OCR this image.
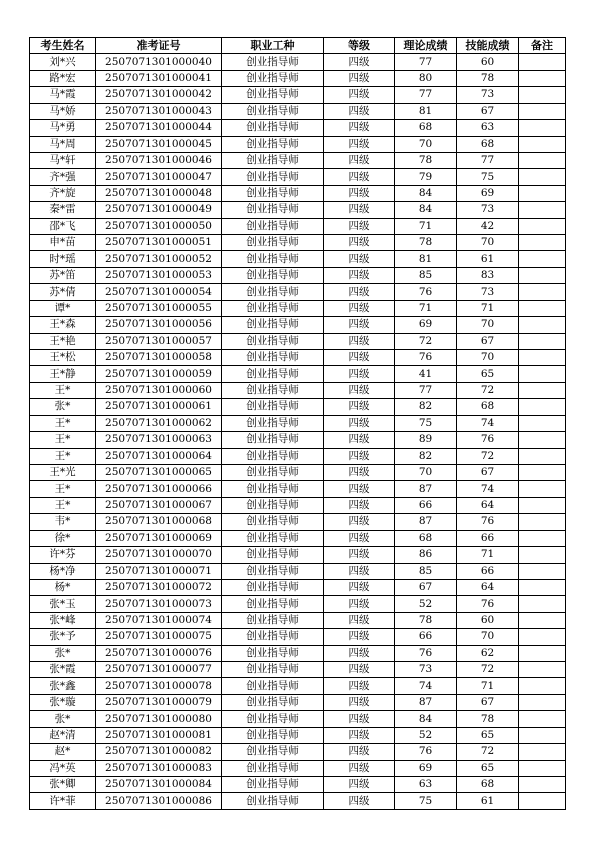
考生姓名	准考证号	职业工种	等级	理论成绩	技能成绩	备注
刘*兴	2507071301000040	创业指导师	四级	77	60	
路*宏	2507071301000041	创业指导师	四级	80	78	
马*霞	2507071301000042	创业指导师	四级	77	73	
马*娇	2507071301000043	创业指导师	四级	81	67	
马*勇	2507071301000044	创业指导师	四级	68	63	
马*周	2507071301000045	创业指导师	四级	70	68	
马*轩	2507071301000046	创业指导师	四级	78	77	
齐*强	2507071301000047	创业指导师	四级	79	75	
齐*旋	2507071301000048	创业指导师	四级	84	69	
秦*雷	2507071301000049	创业指导师	四级	84	73	
邵*飞	2507071301000050	创业指导师	四级	71	42	
申*苗	2507071301000051	创业指导师	四级	78	70	
时*瑶	2507071301000052	创业指导师	四级	81	61	
苏*笛	2507071301000053	创业指导师	四级	85	83	
苏*倩	2507071301000054	创业指导师	四级	76	73	
谭*	2507071301000055	创业指导师	四级	71	71	
王*森	2507071301000056	创业指导师	四级	69	70	
王*艳	2507071301000057	创业指导师	四级	72	67	
王*松	2507071301000058	创业指导师	四级	76	70	
王*静	2507071301000059	创业指导师	四级	41	65	
王*	2507071301000060	创业指导师	四级	77	72	
张*	2507071301000061	创业指导师	四级	82	68	
王*	2507071301000062	创业指导师	四级	75	74	
王*	2507071301000063	创业指导师	四级	89	76	
王*	2507071301000064	创业指导师	四级	82	72	
王*光	2507071301000065	创业指导师	四级	70	67	
王*	2507071301000066	创业指导师	四级	87	74	
王*	2507071301000067	创业指导师	四级	66	64	
韦*	2507071301000068	创业指导师	四级	87	76	
徐*	2507071301000069	创业指导师	四级	68	66	
许*芬	2507071301000070	创业指导师	四级	86	71	
杨*净	2507071301000071	创业指导师	四级	85	66	
杨*	2507071301000072	创业指导师	四级	67	64	
张*玉	2507071301000073	创业指导师	四级	52	76	
张*峰	2507071301000074	创业指导师	四级	78	60	
张*予	2507071301000075	创业指导师	四级	66	70	
张*	2507071301000076	创业指导师	四级	76	62	
张*霞	2507071301000077	创业指导师	四级	73	72	
张*鑫	2507071301000078	创业指导师	四级	74	71	
张*璇	2507071301000079	创业指导师	四级	87	67	
张*	2507071301000080	创业指导师	四级	84	78	
赵*清	2507071301000081	创业指导师	四级	52	65	
赵*	2507071301000082	创业指导师	四级	76	72	
冯*英	2507071301000083	创业指导师	四级	69	65	
张*卿	2507071301000084	创业指导师	四级	63	68	
许*菲	2507071301000086	创业指导师	四级	75	61	
